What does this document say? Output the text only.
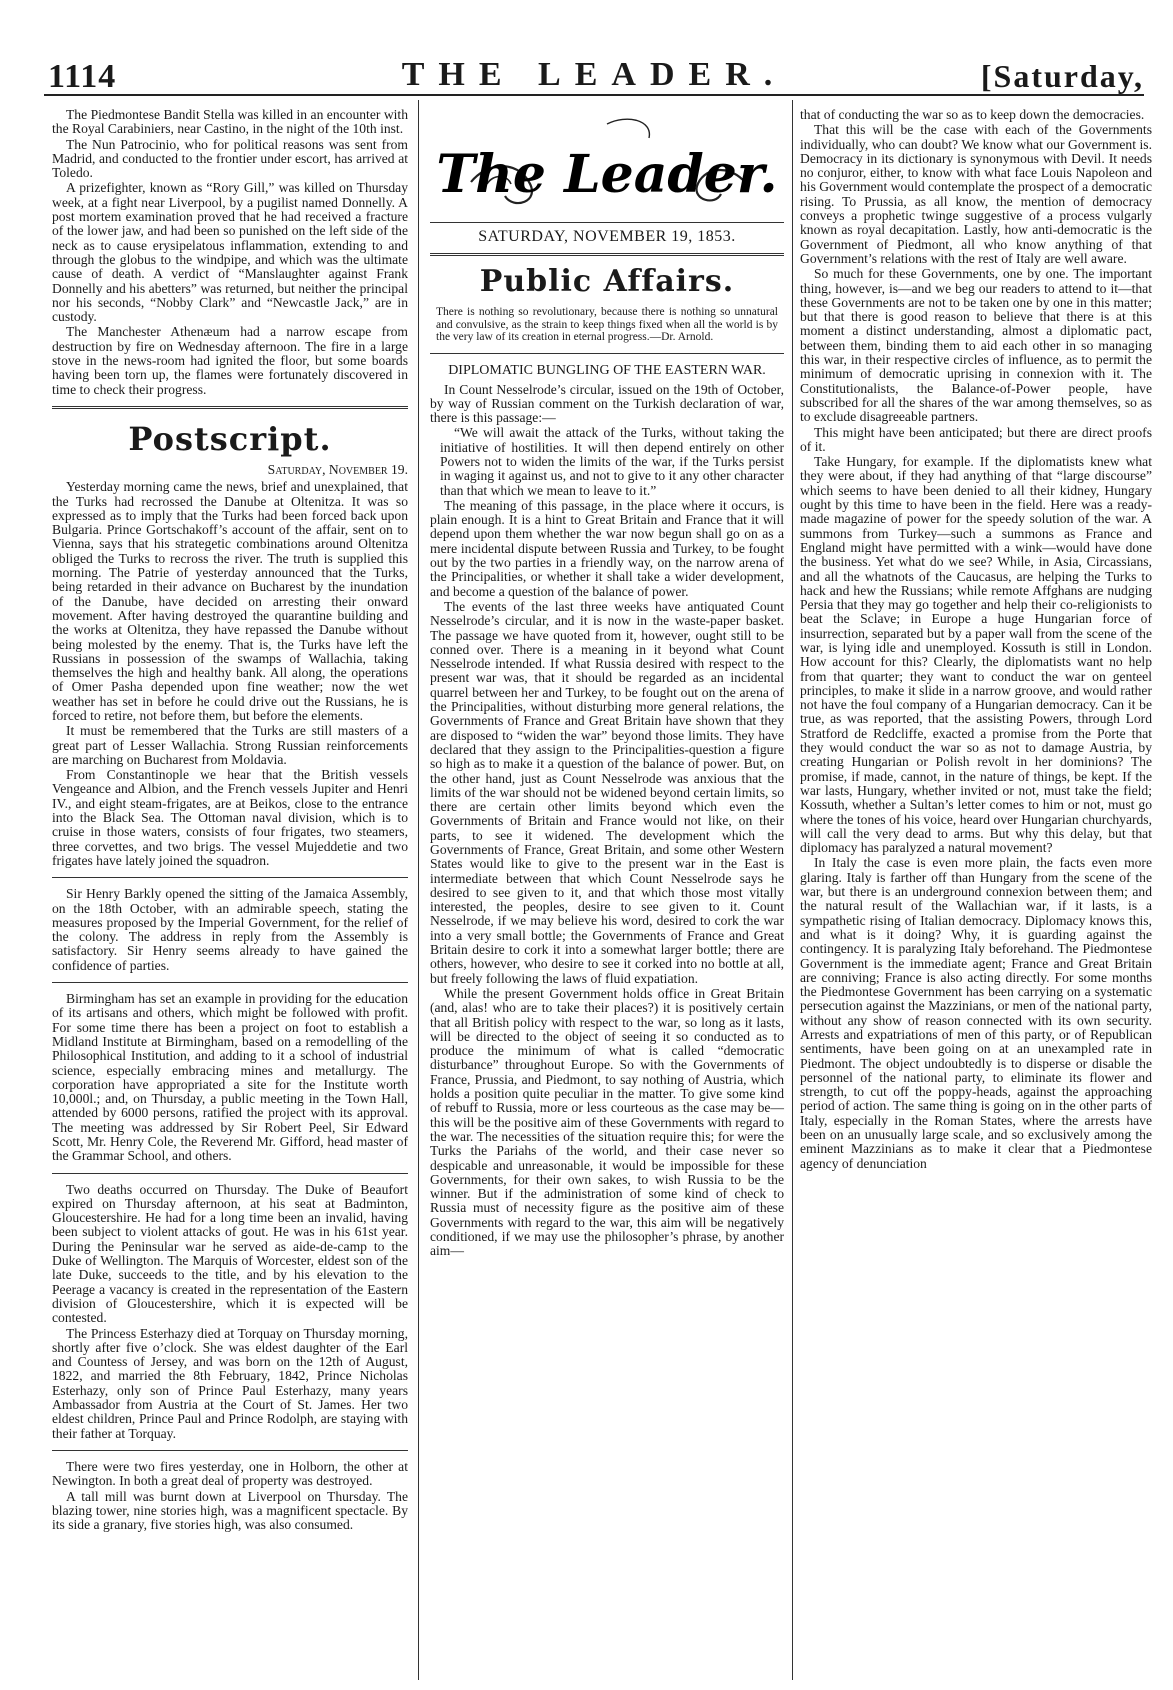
1114	THE LEADER.	[Saturday,

The Piedmontese Bandit Stella was killed in an encounter with the Royal Carabiniers, near Castino, in the night of the 10th inst.

The Nun Patrocinio, who for political reasons was sent from Madrid, and conducted to the frontier under escort, has arrived at Toledo.

A prizefighter, known as “Rory Gill,” was killed on Thursday week, at a fight near Liverpool, by a pugilist named Donnelly. A post mortem examination proved that he had received a fracture of the lower jaw, and had been so punished on the left side of the neck as to cause erysipelatous inflammation, extending to and through the globus to the windpipe, and which was the ultimate cause of death. A verdict of “Manslaughter against Frank Donnelly and his abetters” was returned, but neither the principal nor his seconds, “Nobby Clark” and “Newcastle Jack,” are in custody.

The Manchester Athenæum had a narrow escape from destruction by fire on Wednesday afternoon. The fire in a large stove in the news-room had ignited the floor, but some boards having been torn up, the flames were fortunately discovered in time to check their progress.

Postscript.
Saturday, November 19.

Yesterday morning came the news, brief and unexplained, that the Turks had recrossed the Danube at Oltenitza. It was so expressed as to imply that the Turks had been forced back upon Bulgaria. Prince Gortschakoff’s account of the affair, sent on to Vienna, says that his strategetic combinations around Oltenitza obliged the Turks to recross the river. The truth is supplied this morning. The Patrie of yesterday announced that the Turks, being retarded in their advance on Bucharest by the inundation of the Danube, have decided on arresting their onward movement. After having destroyed the quarantine building and the works at Oltenitza, they have repassed the Danube without being molested by the enemy. That is, the Turks have left the Russians in possession of the swamps of Wallachia, taking themselves the high and healthy bank. All along, the operations of Omer Pasha depended upon fine weather; now the wet weather has set in before he could drive out the Russians, he is forced to retire, not before them, but before the elements.

It must be remembered that the Turks are still masters of a great part of Lesser Wallachia. Strong Russian reinforcements are marching on Bucharest from Moldavia.

From Constantinople we hear that the British vessels Vengeance and Albion, and the French vessels Jupiter and Henri IV., and eight steam-frigates, are at Beikos, close to the entrance into the Black Sea. The Ottoman naval division, which is to cruise in those waters, consists of four frigates, two steamers, three corvettes, and two brigs. The vessel Mujeddetie and two frigates have lately joined the squadron.

Sir Henry Barkly opened the sitting of the Jamaica Assembly, on the 18th October, with an admirable speech, stating the measures proposed by the Imperial Government, for the relief of the colony. The address in reply from the Assembly is satisfactory. Sir Henry seems already to have gained the confidence of parties.

Birmingham has set an example in providing for the education of its artisans and others, which might be followed with profit. For some time there has been a project on foot to establish a Midland Institute at Birmingham, based on a remodelling of the Philosophical Institution, and adding to it a school of industrial science, especially embracing mines and metallurgy. The corporation have appropriated a site for the Institute worth 10,000l.; and, on Thursday, a public meeting in the Town Hall, attended by 6000 persons, ratified the project with its approval. The meeting was addressed by Sir Robert Peel, Sir Edward Scott, Mr. Henry Cole, the Reverend Mr. Gifford, head master of the Grammar School, and others.

Two deaths occurred on Thursday. The Duke of Beaufort expired on Thursday afternoon, at his seat at Badminton, Gloucestershire. He had for a long time been an invalid, having been subject to violent attacks of gout. He was in his 61st year. During the Peninsular war he served as aide-de-camp to the Duke of Wellington. The Marquis of Worcester, eldest son of the late Duke, succeeds to the title, and by his elevation to the Peerage a vacancy is created in the representation of the Eastern division of Gloucestershire, which it is expected will be contested.

The Princess Esterhazy died at Torquay on Thursday morning, shortly after five o’clock. She was eldest daughter of the Earl and Countess of Jersey, and was born on the 12th of August, 1822, and married the 8th February, 1842, Prince Nicholas Esterhazy, only son of Prince Paul Esterhazy, many years Ambassador from Austria at the Court of St. James. Her two eldest children, Prince Paul and Prince Rodolph, are staying with their father at Torquay.

There were two fires yesterday, one in Holborn, the other at Newington. In both a great deal of property was destroyed.

A tall mill was burnt down at Liverpool on Thursday. The blazing tower, nine stories high, was a magnificent spectacle. By its side a granary, five stories high, was also consumed.

The Leader.
SATURDAY, NOVEMBER 19, 1853.
Public Affairs.
There is nothing so revolutionary, because there is nothing so unnatural and convulsive, as the strain to keep things fixed when all the world is by the very law of its creation in eternal progress.—Dr. Arnold.
DIPLOMATIC BUNGLING OF THE EASTERN WAR.

In Count Nesselrode’s circular, issued on the 19th of October, by way of Russian comment on the Turkish declaration of war, there is this passage:—

“We will await the attack of the Turks, without taking the initiative of hostilities. It will then depend entirely on other Powers not to widen the limits of the war, if the Turks persist in waging it against us, and not to give to it any other character than that which we mean to leave to it.”

The meaning of this passage, in the place where it occurs, is plain enough. It is a hint to Great Britain and France that it will depend upon them whether the war now begun shall go on as a mere incidental dispute between Russia and Turkey, to be fought out by the two parties in a friendly way, on the narrow arena of the Principalities, or whether it shall take a wider development, and become a question of the balance of power.

The events of the last three weeks have antiquated Count Nesselrode’s circular, and it is now in the waste-paper basket. The passage we have quoted from it, however, ought still to be conned over. There is a meaning in it beyond what Count Nesselrode intended. If what Russia desired with respect to the present war was, that it should be regarded as an incidental quarrel between her and Turkey, to be fought out on the arena of the Principalities, without disturbing more general relations, the Governments of France and Great Britain have shown that they are disposed to “widen the war” beyond those limits. They have declared that they assign to the Principalities-question a figure so high as to make it a question of the balance of power. But, on the other hand, just as Count Nesselrode was anxious that the limits of the war should not be widened beyond certain limits, so there are certain other limits beyond which even the Governments of Britain and France would not like, on their parts, to see it widened. The development which the Governments of France, Great Britain, and some other Western States would like to give to the present war in the East is intermediate between that which Count Nesselrode says he desired to see given to it, and that which those most vitally interested, the peoples, desire to see given to it. Count Nesselrode, if we may believe his word, desired to cork the war into a very small bottle; the Governments of France and Great Britain desire to cork it into a somewhat larger bottle; there are others, however, who desire to see it corked into no bottle at all, but freely following the laws of fluid expatiation.

While the present Government holds office in Great Britain (and, alas! who are to take their places?) it is positively certain that all British policy with respect to the war, so long as it lasts, will be directed to the object of seeing it so conducted as to produce the minimum of what is called “democratic disturbance” throughout Europe. So with the Governments of France, Prussia, and Piedmont, to say nothing of Austria, which holds a position quite peculiar in the matter. To give some kind of rebuff to Russia, more or less courteous as the case may be—this will be the positive aim of these Governments with regard to the war. The necessities of the situation require this; for were the Turks the Pariahs of the world, and their case never so despicable and unreasonable, it would be impossible for these Governments, for their own sakes, to wish Russia to be the winner. But if the administration of some kind of check to Russia must of necessity figure as the positive aim of these Governments with regard to the war, this aim will be negatively conditioned, if we may use the philosopher’s phrase, by another aim—

that of conducting the war so as to keep down the democracies.

That this will be the case with each of the Governments individually, who can doubt? We know what our Government is. Democracy in its dictionary is synonymous with Devil. It needs no conjuror, either, to know with what face Louis Napoleon and his Government would contemplate the prospect of a democratic rising. To Prussia, as all know, the mention of democracy conveys a prophetic twinge suggestive of a process vulgarly known as royal decapitation. Lastly, how anti-democratic is the Government of Piedmont, all who know anything of that Government’s relations with the rest of Italy are well aware.

So much for these Governments, one by one. The important thing, however, is—and we beg our readers to attend to it—that these Governments are not to be taken one by one in this matter; but that there is good reason to believe that there is at this moment a distinct understanding, almost a diplomatic pact, between them, binding them to aid each other in so managing this war, in their respective circles of influence, as to permit the minimum of democratic uprising in connexion with it. The Constitutionalists, the Balance-of-Power people, have subscribed for all the shares of the war among themselves, so as to exclude disagreeable partners.

This might have been anticipated; but there are direct proofs of it.

Take Hungary, for example. If the diplomatists knew what they were about, if they had anything of that “large discourse” which seems to have been denied to all their kidney, Hungary ought by this time to have been in the field. Here was a ready-made magazine of power for the speedy solution of the war. A summons from Turkey—such a summons as France and England might have permitted with a wink—would have done the business. Yet what do we see? While, in Asia, Circassians, and all the whatnots of the Caucasus, are helping the Turks to hack and hew the Russians; while remote Affghans are nudging Persia that they may go together and help their co-religionists to beat the Sclave; in Europe a huge Hungarian force of insurrection, separated but by a paper wall from the scene of the war, is lying idle and unemployed. Kossuth is still in London. How account for this? Clearly, the diplomatists want no help from that quarter; they want to conduct the war on genteel principles, to make it slide in a narrow groove, and would rather not have the foul company of a Hungarian democracy. Can it be true, as was reported, that the assisting Powers, through Lord Stratford de Redcliffe, exacted a promise from the Porte that they would conduct the war so as not to damage Austria, by creating Hungarian or Polish revolt in her dominions? The promise, if made, cannot, in the nature of things, be kept. If the war lasts, Hungary, whether invited or not, must take the field; Kossuth, whether a Sultan’s letter comes to him or not, must go where the tones of his voice, heard over Hungarian churchyards, will call the very dead to arms. But why this delay, but that diplomacy has paralyzed a natural movement?

In Italy the case is even more plain, the facts even more glaring. Italy is farther off than Hungary from the scene of the war, but there is an underground connexion between them; and the natural result of the Wallachian war, if it lasts, is a sympathetic rising of Italian democracy. Diplomacy knows this, and what is it doing? Why, it is guarding against the contingency. It is paralyzing Italy beforehand. The Piedmontese Government is the immediate agent; France and Great Britain are conniving; France is also acting directly. For some months the Piedmontese Government has been carrying on a systematic persecution against the Mazzinians, or men of the national party, without any show of reason connected with its own security. Arrests and expatriations of men of this party, or of Republican sentiments, have been going on at an unexampled rate in Piedmont. The object undoubtedly is to disperse or disable the personnel of the national party, to eliminate its flower and strength, to cut off the poppy-heads, against the approaching period of action. The same thing is going on in the other parts of Italy, especially in the Roman States, where the arrests have been on an unusually large scale, and so exclusively among the eminent Mazzinians as to make it clear that a Piedmontese agency of denunciation
